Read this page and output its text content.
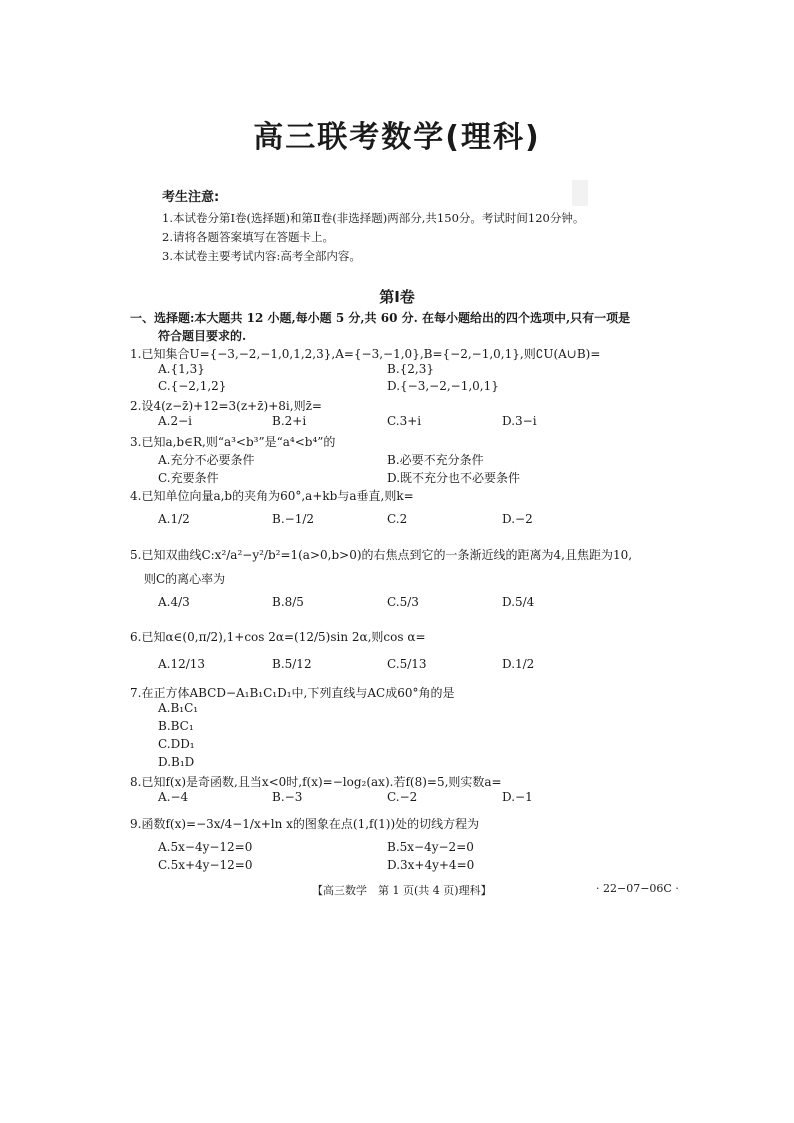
高三联考数学(理科)
考生注意:
1.本试卷分第Ⅰ卷(选择题)和第Ⅱ卷(非选择题)两部分,共150分。考试时间120分钟。
2.请将各题答案填写在答题卡上。
3.本试卷主要考试内容:高考全部内容。
第Ⅰ卷
一、选择题:本大题共 12 小题,每小题 5 分,共 60 分. 在每小题给出的四个选项中,只有一项是
符合题目要求的.
1.已知集合U={−3,−2,−1,0,1,2,3},A={−3,−1,0},B={−2,−1,0,1},则∁U(A∪B)=
A.{1,3}	B.{2,3}
C.{−2,1,2}	D.{−3,−2,−1,0,1}
2.设4(z−z̄)+12=3(z+z̄)+8i,则z̄=
A.2−i	B.2+i	C.3+i	D.3−i
3.已知a,b∈R,则“a³<b³”是“a⁴<b⁴”的
A.充分不必要条件	B.必要不充分条件
C.充要条件	D.既不充分也不必要条件
4.已知单位向量a,b的夹角为60°,a+kb与a垂直,则k=
A.1/2	B.−1/2	C.2	D.−2
5.已知双曲线C:x²/a²−y²/b²=1(a>0,b>0)的右焦点到它的一条渐近线的距离为4,且焦距为10,
则C的离心率为
A.4/3	B.8/5	C.5/3	D.5/4
6.已知α∈(0,π/2),1+cos 2α=(12/5)sin 2α,则cos α=
A.12/13	B.5/12	C.5/13	D.1/2
7.在正方体ABCD−A₁B₁C₁D₁中,下列直线与AC成60°角的是
A.B₁C₁
B.BC₁
C.DD₁
D.B₁D
8.已知f(x)是奇函数,且当x<0时,f(x)=−log₂(ax).若f(8)=5,则实数a=
A.−4	B.−3	C.−2	D.−1
9.函数f(x)=−3x/4−1/x+ln x的图象在点(1,f(1))处的切线方程为
A.5x−4y−12=0	B.5x−4y−2=0
C.5x+4y−12=0	D.3x+4y+4=0
【高三数学　第 1 页(共 4 页)理科】	· 22−07−06C ·
